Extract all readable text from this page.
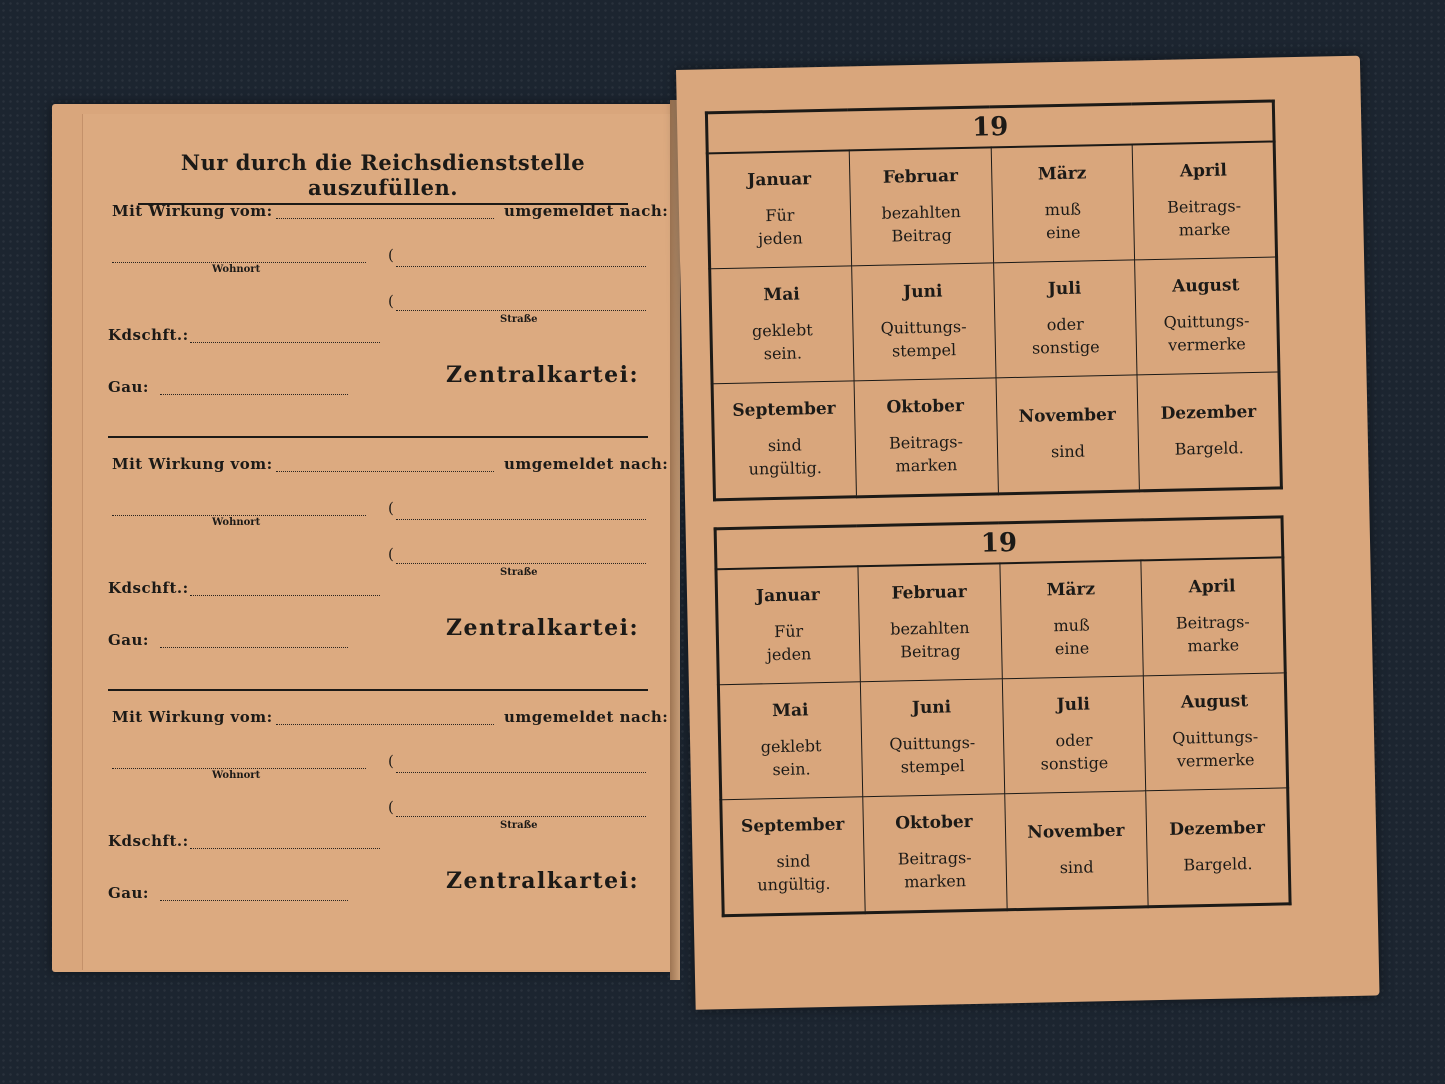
19			

Januar
Für
jeden	Februar
bezahlten
Beitrag	März
muß
eine	April
Beitrags-
marke

Mai
geklebt
sein.	Juni
Quittungs-
stempel	Juli
oder
sonstige	August
Quittungs-
vermerke

September
sind
ungültig.	Oktober
Beitrags-
marken	November
sind	Dezember
Bargeld.
19			

Januar
Für
jeden	Februar
bezahlten
Beitrag	März
muß
eine	April
Beitrags-
marke

Mai
geklebt
sein.	Juni
Quittungs-
stempel	Juli
oder
sonstige	August
Quittungs-
vermerke

September
sind
ungültig.	Oktober
Beitrags-
marken	November
sind	Dezember
Bargeld.
Nur durch die Reichsdienststelle auszufüllen.
Mit Wirkung vom:	umgemeldet nach:
Wohnort
(
(
Straße
Kdschft.:
Gau:	Zentralkartei:
Mit Wirkung vom:	umgemeldet nach:
Wohnort
(
(
Straße
Kdschft.:
Gau:	Zentralkartei:
Mit Wirkung vom:	umgemeldet nach:
Wohnort
(
(
Straße
Kdschft.:
Gau:	Zentralkartei:
